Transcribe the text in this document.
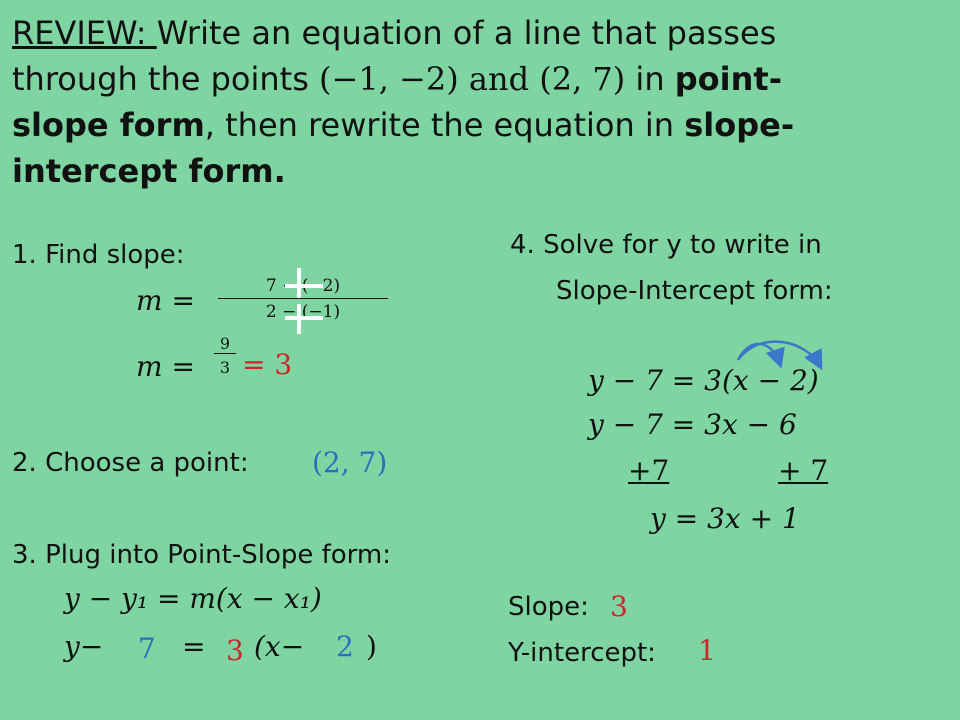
REVIEW: Write an equation of a line that passes
through the points (−1, −2) and (2, 7) in point-
slope form, then rewrite the equation in slope-
intercept form.
1. Find slope:
$m = \frac{7 - (-2)}{2 - (-1)}$
$m = \frac{9}{3} = 3$
2. Choose a point: (2, 7)
3. Plug into Point-Slope form:
y − y₁ = m(x − x₁)
y− 7 = 3 (x− 2 )
4. Solve for y to write in
Slope-Intercept form:
y − 7 = 3(x − 2)
y − 7 = 3x − 6
+7	+ 7
y = 3x + 1
Slope: 3
Y-intercept: 1
